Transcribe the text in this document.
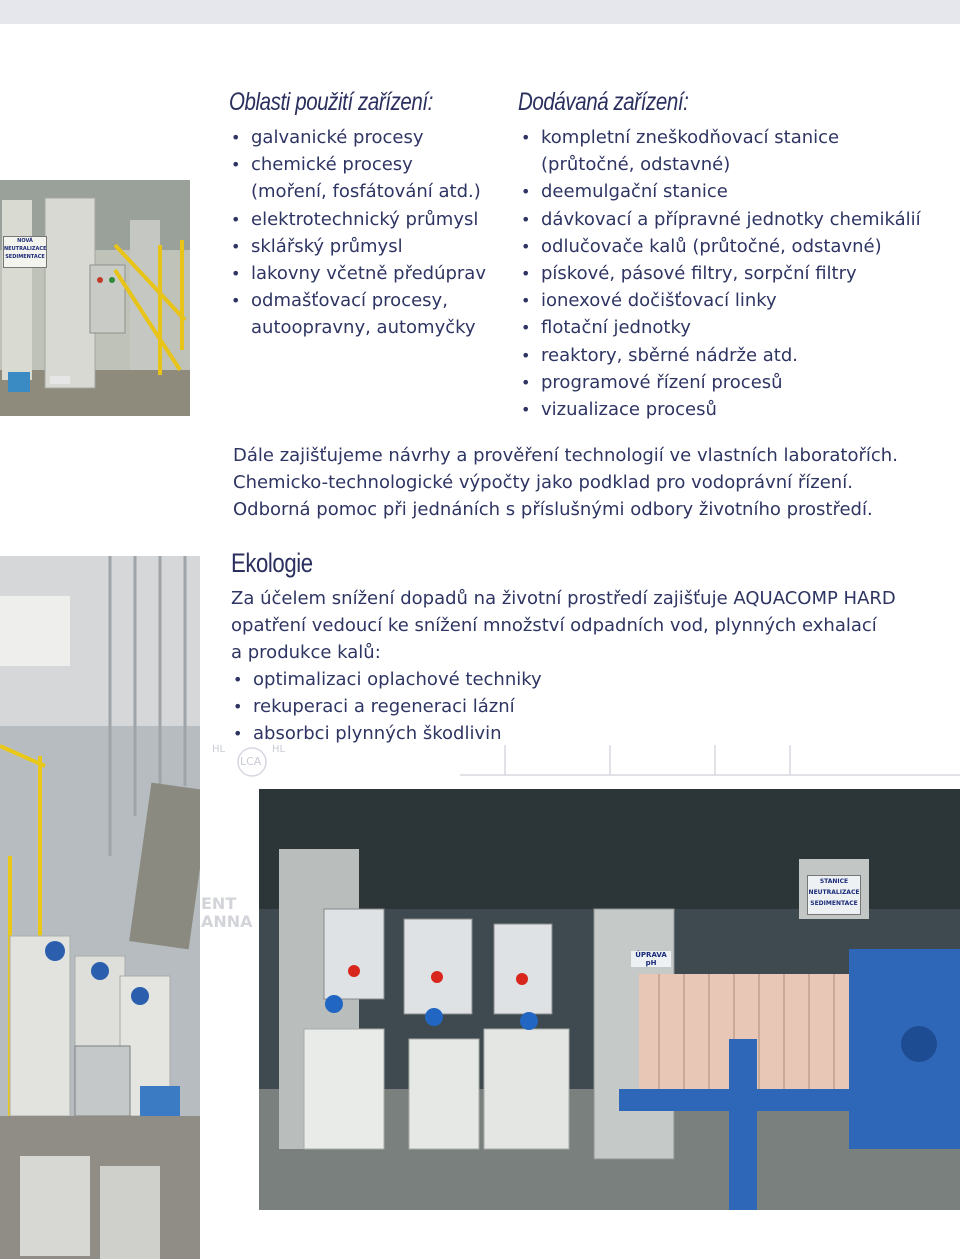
NOVÁ
NEUTRALIZACE
SEDIMENTACE
HL
LCA
HL
ENT
ANNA
STANICE
NEUTRALIZACE
SEDIMENTACE
ÚPRAVA pH
Oblasti použití zařízení:
• galvanické procesy
• chemické procesy
(moření, fosfátování atd.)
• elektrotechnický průmysl
• sklářský průmysl
• lakovny včetně předúprav
• odmašťovací procesy,
autoopravny, automyčky
Dodávaná zařízení:
• kompletní zneškodňovací stanice
(průtočné, odstavné)
• deemulgační stanice
• dávkovací a přípravné jednotky chemikálií
• odlučovače kalů (průtočné, odstavné)
• pískové, pásové filtry, sorpční filtry
• ionexové dočišťovací linky
• flotační jednotky
• reaktory, sběrné nádrže atd.
• programové řízení procesů
• vizualizace procesů
Dále zajišťujeme návrhy a prověření technologií ve vlastních laboratořích.
Chemicko-technologické výpočty jako podklad pro vodoprávní řízení.
Odborná pomoc při jednáních s příslušnými odbory životního prostředí.
Ekologie
Za účelem snížení dopadů na životní prostředí zajišťuje AQUACOMP HARD
opatření vedoucí ke snížení množství odpadních vod, plynných exhalací
a produkce kalů:
• optimalizaci oplachové techniky
• rekuperaci a regeneraci lázní
• absorbci plynných škodlivin
